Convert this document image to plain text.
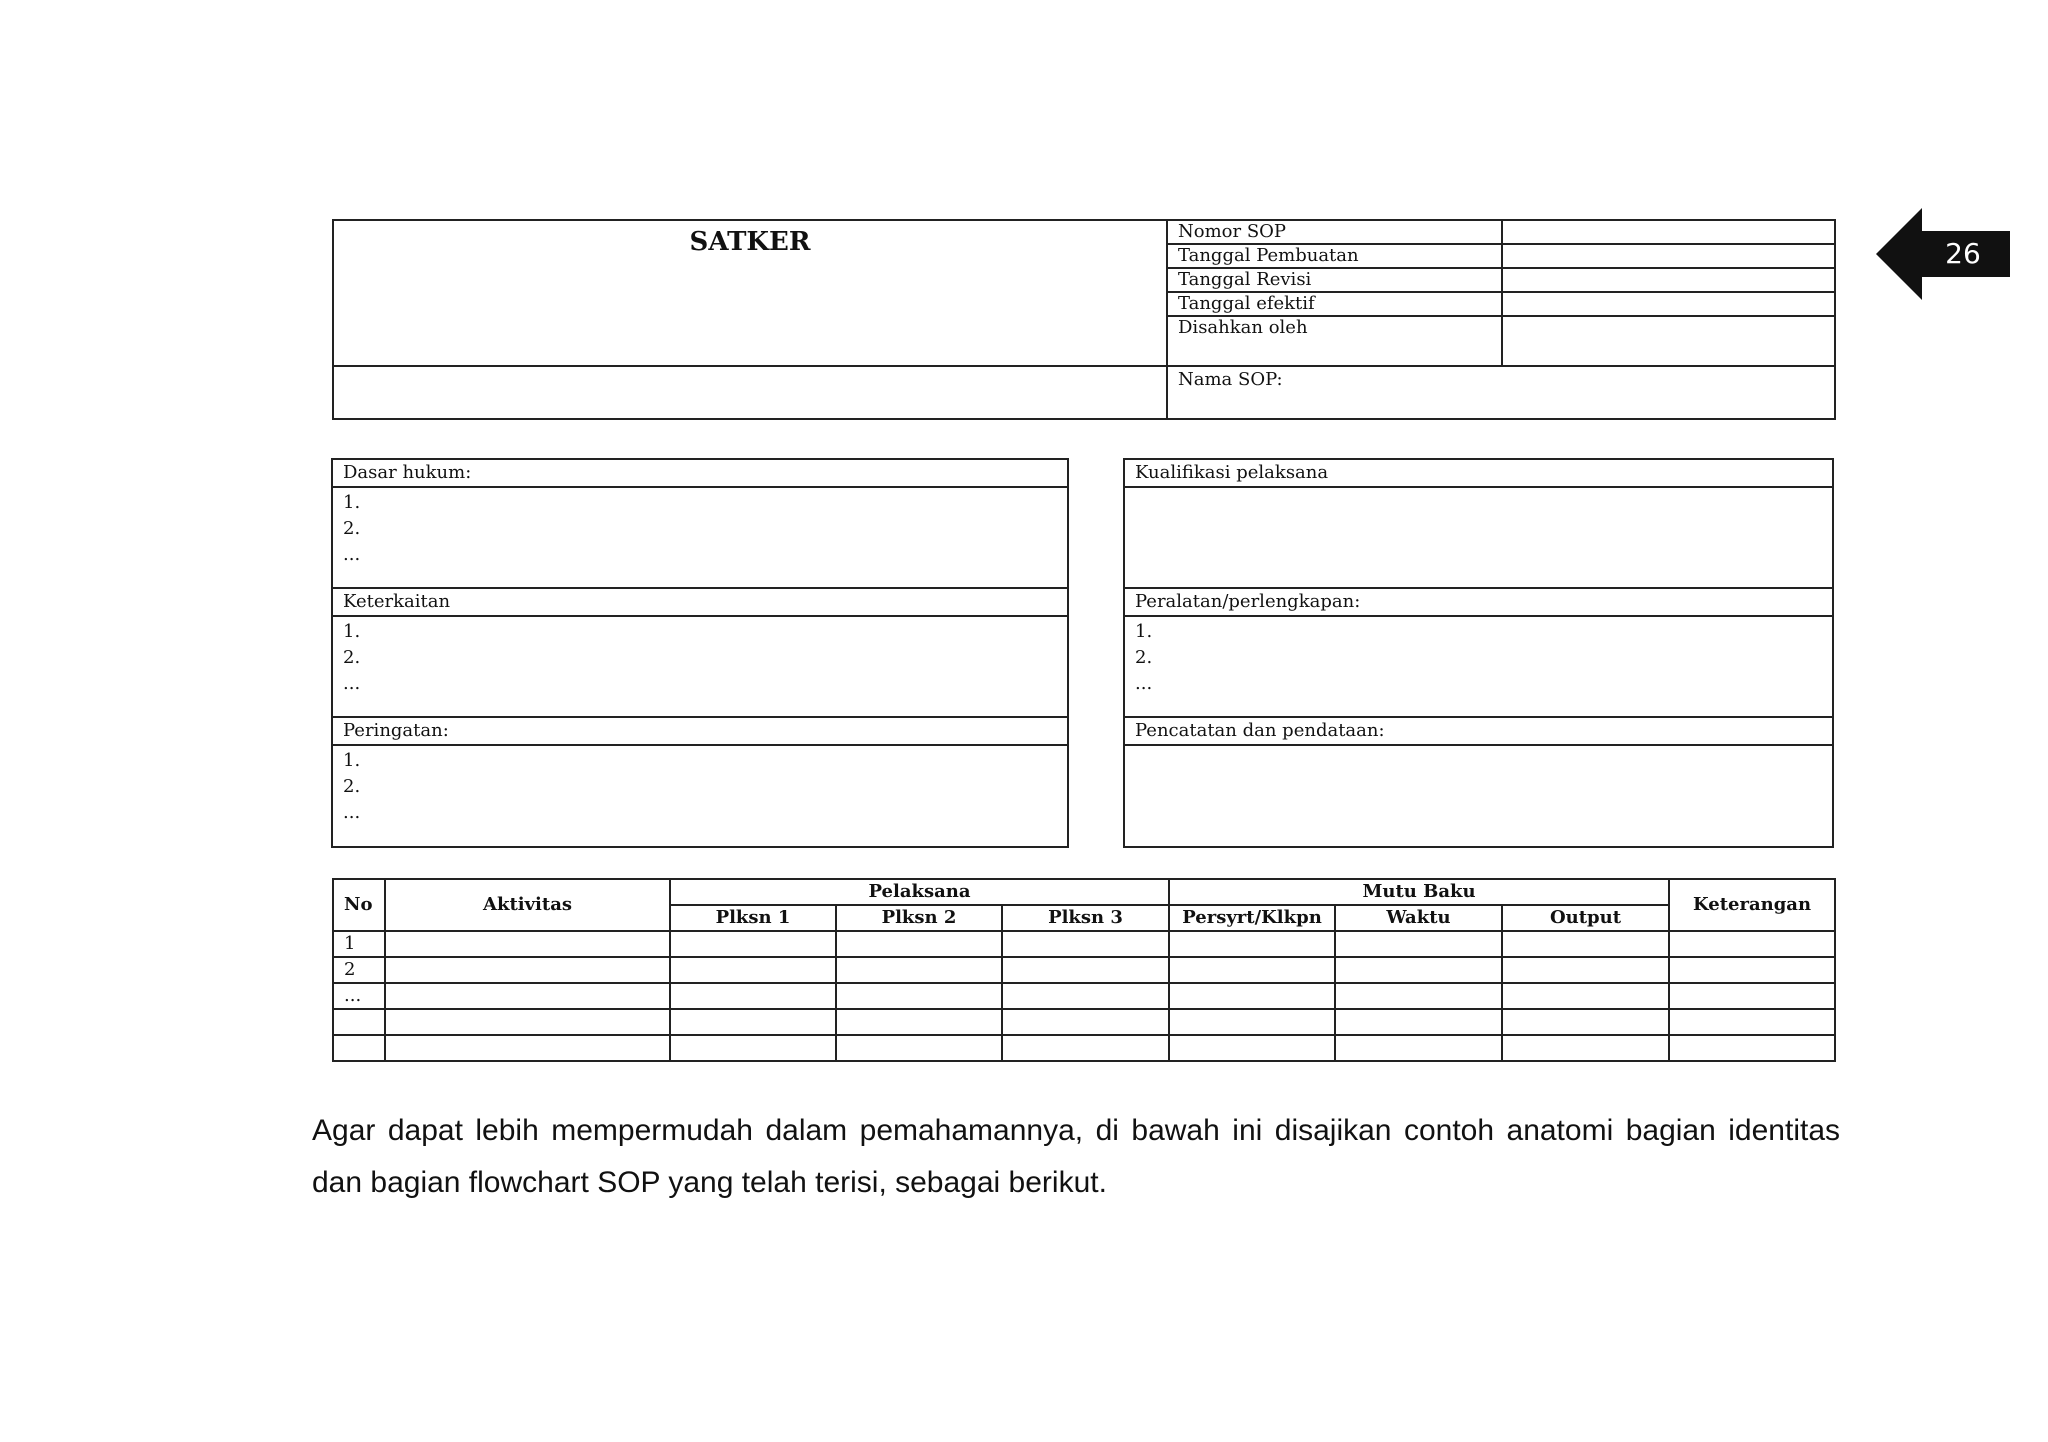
26
SATKER	Nomor SOP	
	Tanggal Pembuatan	
	Tanggal Revisi	
	Tanggal efektif	
	Disahkan oleh	
	Nama SOP:	
Dasar hukum:
1.
2.
...
Keterkaitan
1.
2.
...
Peringatan:
1.
2.
...
Kualifikasi pelaksana
Peralatan/perlengkapan:
1.
2.
...
Pencatatan dan pendataan:
No	Aktivitas	Pelaksana			Mutu Baku			Keterangan
		Plksn 1	Plksn 2	Plksn 3	Persyrt/Klkpn	Waktu	Output	
1								
2								
...								

Agar dapat lebih mempermudah dalam pemahamannya, di bawah ini disajikan contoh anatomi bagian identitas dan bagian flowchart SOP yang telah terisi, sebagai berikut.
